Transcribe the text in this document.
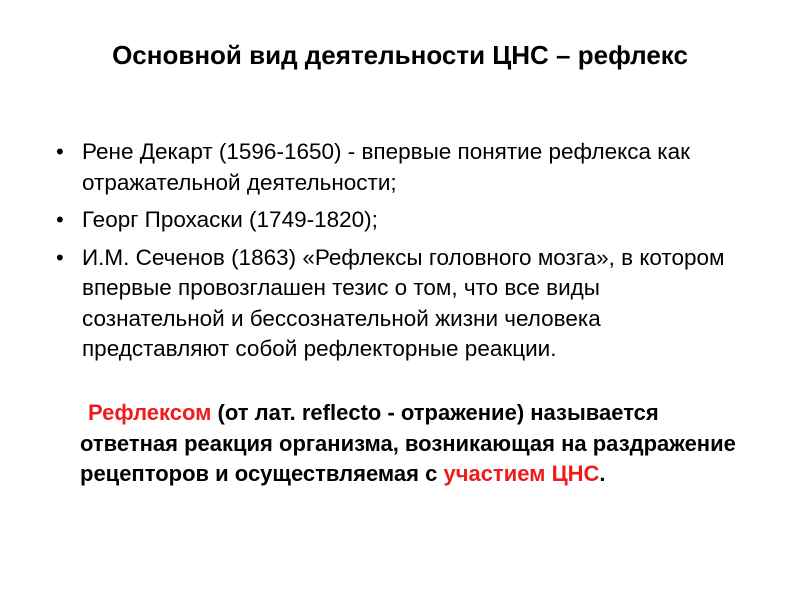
Основной вид деятельности ЦНС – рефлекс
• Рене Декарт (1596-1650) - впервые понятие рефлекса как отражательной деятельности;
• Георг Прохаски (1749-1820);
• И.М. Сеченов (1863) «Рефлексы головного мозга», в котором впервые провозглашен тезис о том, что все виды сознательной и бессознательной жизни человека представляют собой рефлекторные реакции.
Рефлексом (от лат. reflecto - отражение) называется ответная реакция организма, возникающая на раздражение рецепторов и осуществляемая с участием ЦНС.
